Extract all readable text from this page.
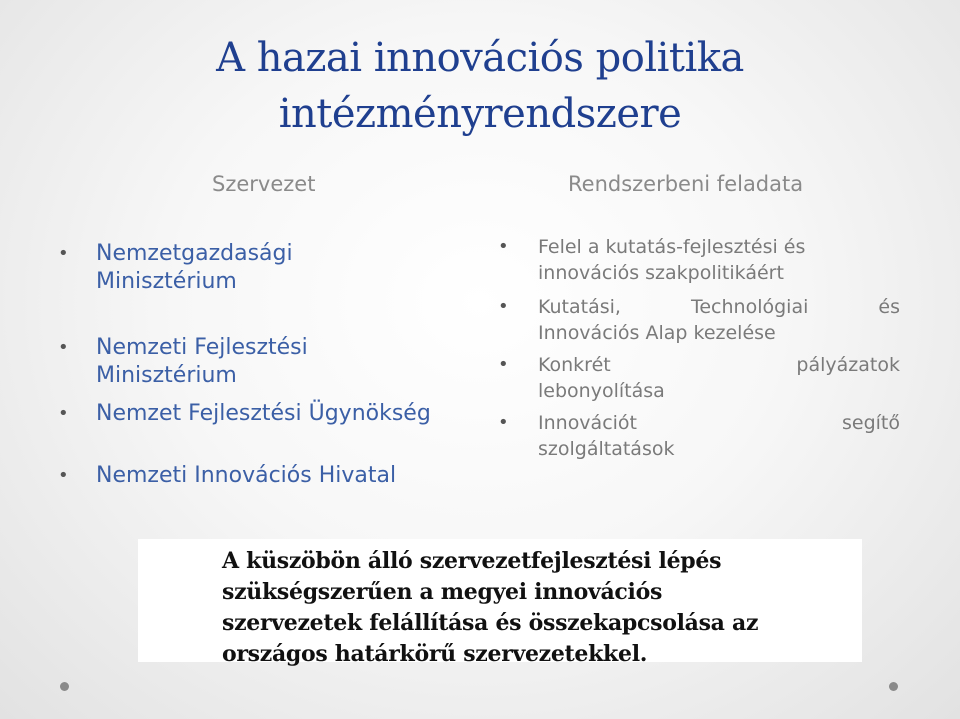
A hazai innovációs politika
intézményrendszere
Szervezet	Rendszerbeni feladata
• Nemzetgazdasági
Minisztérium
• Nemzeti Fejlesztési
Minisztérium
• Nemzet Fejlesztési Ügynökség
• Nemzeti Innovációs Hivatal
• Felel a kutatás-fejlesztési és
innovációs szakpolitikáért
• Kutatási, Technológiai és
Innovációs Alap kezelése
• Konkrét pályázatok
lebonyolítása
• Innovációt segítő
szolgáltatások
A küszöbön álló szervezetfejlesztési lépés
szükségszerűen a megyei innovációs
szervezetek felállítása és összekapcsolása az
országos határkörű szervezetekkel.
